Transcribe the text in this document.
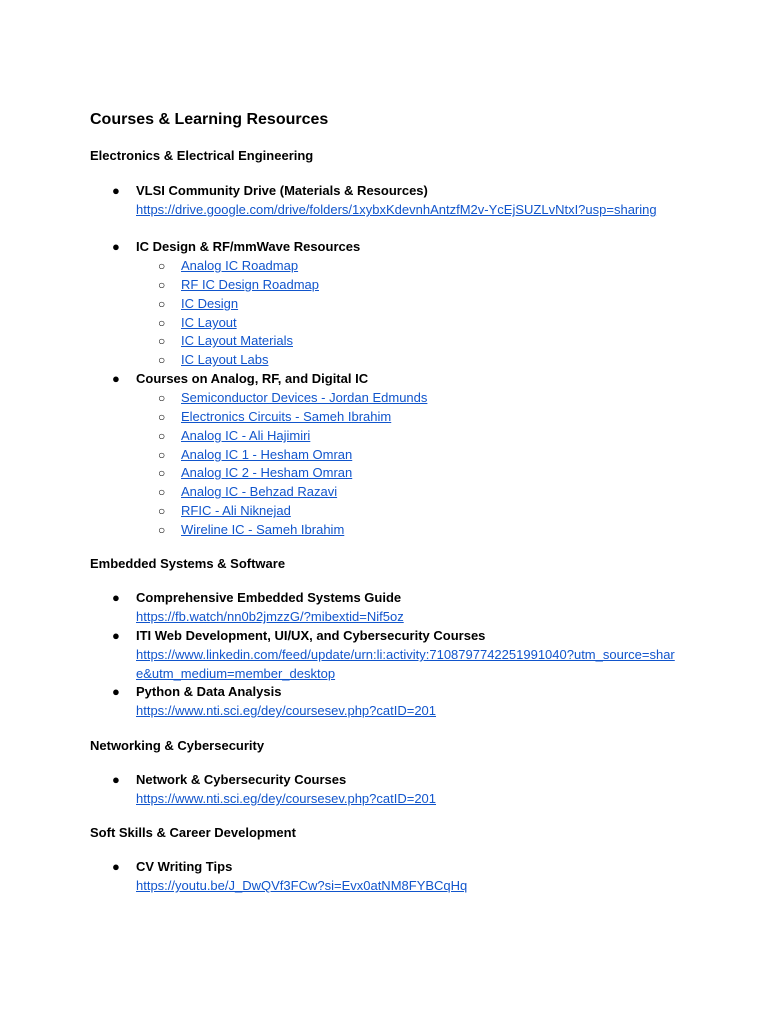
Courses & Learning Resources
Electronics & Electrical Engineering
● VLSI Community Drive (Materials & Resources)
https://drive.google.com/drive/folders/1xybxKdevnhAntzfM2v-YcEjSUZLvNtxI?usp=sharing
● IC Design & RF/mmWave Resources
○ Analog IC Roadmap
○ RF IC Design Roadmap
○ IC Design
○ IC Layout
○ IC Layout Materials
○ IC Layout Labs
● Courses on Analog, RF, and Digital IC
○ Semiconductor Devices - Jordan Edmunds
○ Electronics Circuits - Sameh Ibrahim
○ Analog IC - Ali Hajimiri
○ Analog IC 1 - Hesham Omran
○ Analog IC 2 - Hesham Omran
○ Analog IC - Behzad Razavi
○ RFIC - Ali Niknejad
○ Wireline IC - Sameh Ibrahim
Embedded Systems & Software
● Comprehensive Embedded Systems Guide
https://fb.watch/nn0b2jmzzG/?mibextid=Nif5oz
● ITI Web Development, UI/UX, and Cybersecurity Courses
https://www.linkedin.com/feed/update/urn:li:activity:7108797742251991040?utm_source=share&utm_medium=member_desktop
● Python & Data Analysis
https://www.nti.sci.eg/dey/coursesev.php?catID=201
Networking & Cybersecurity
● Network & Cybersecurity Courses
https://www.nti.sci.eg/dey/coursesev.php?catID=201
Soft Skills & Career Development
● CV Writing Tips
https://youtu.be/J_DwQVf3FCw?si=Evx0atNM8FYBCqHq
